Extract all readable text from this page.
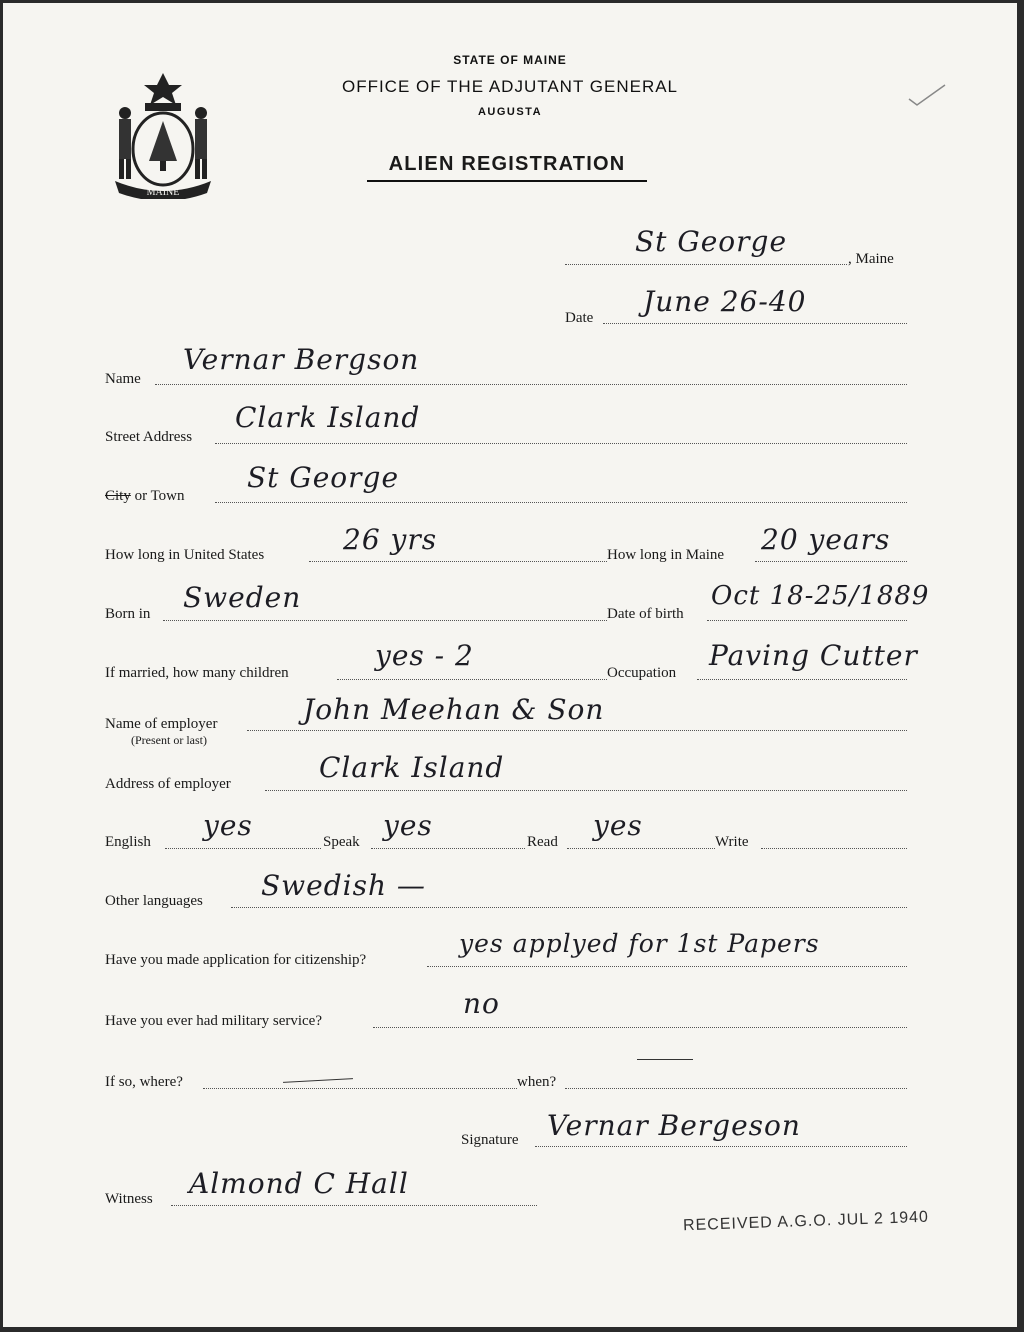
MAINE
STATE OF MAINE
OFFICE OF THE ADJUTANT GENERAL
AUGUSTA
ALIEN REGISTRATION
St George
, Maine
Date June 26-40
Name
Vernar Bergson
Street Address
Clark Island
City or Town
St George
How long in United States	26 yrs	How long in Maine 20 years
Born in Sweden	Date of birth
Oct 18-25/1889
If married, how many children
yes - 2
Occupation
Paving Cutter
Name of employer
(Present or last)
John Meehan & Son
Address of employer	Clark Island
English yes	Speak yes	Read yes	Write
Other languages Swedish —
Have you made application for citizenship?
yes applyed for 1st Papers
Have you ever had military service?
no
If so, where?	when?
Signature Vernar Bergeson
Witness Almond C Hall
RECEIVED A.G.O. JUL 2 1940
